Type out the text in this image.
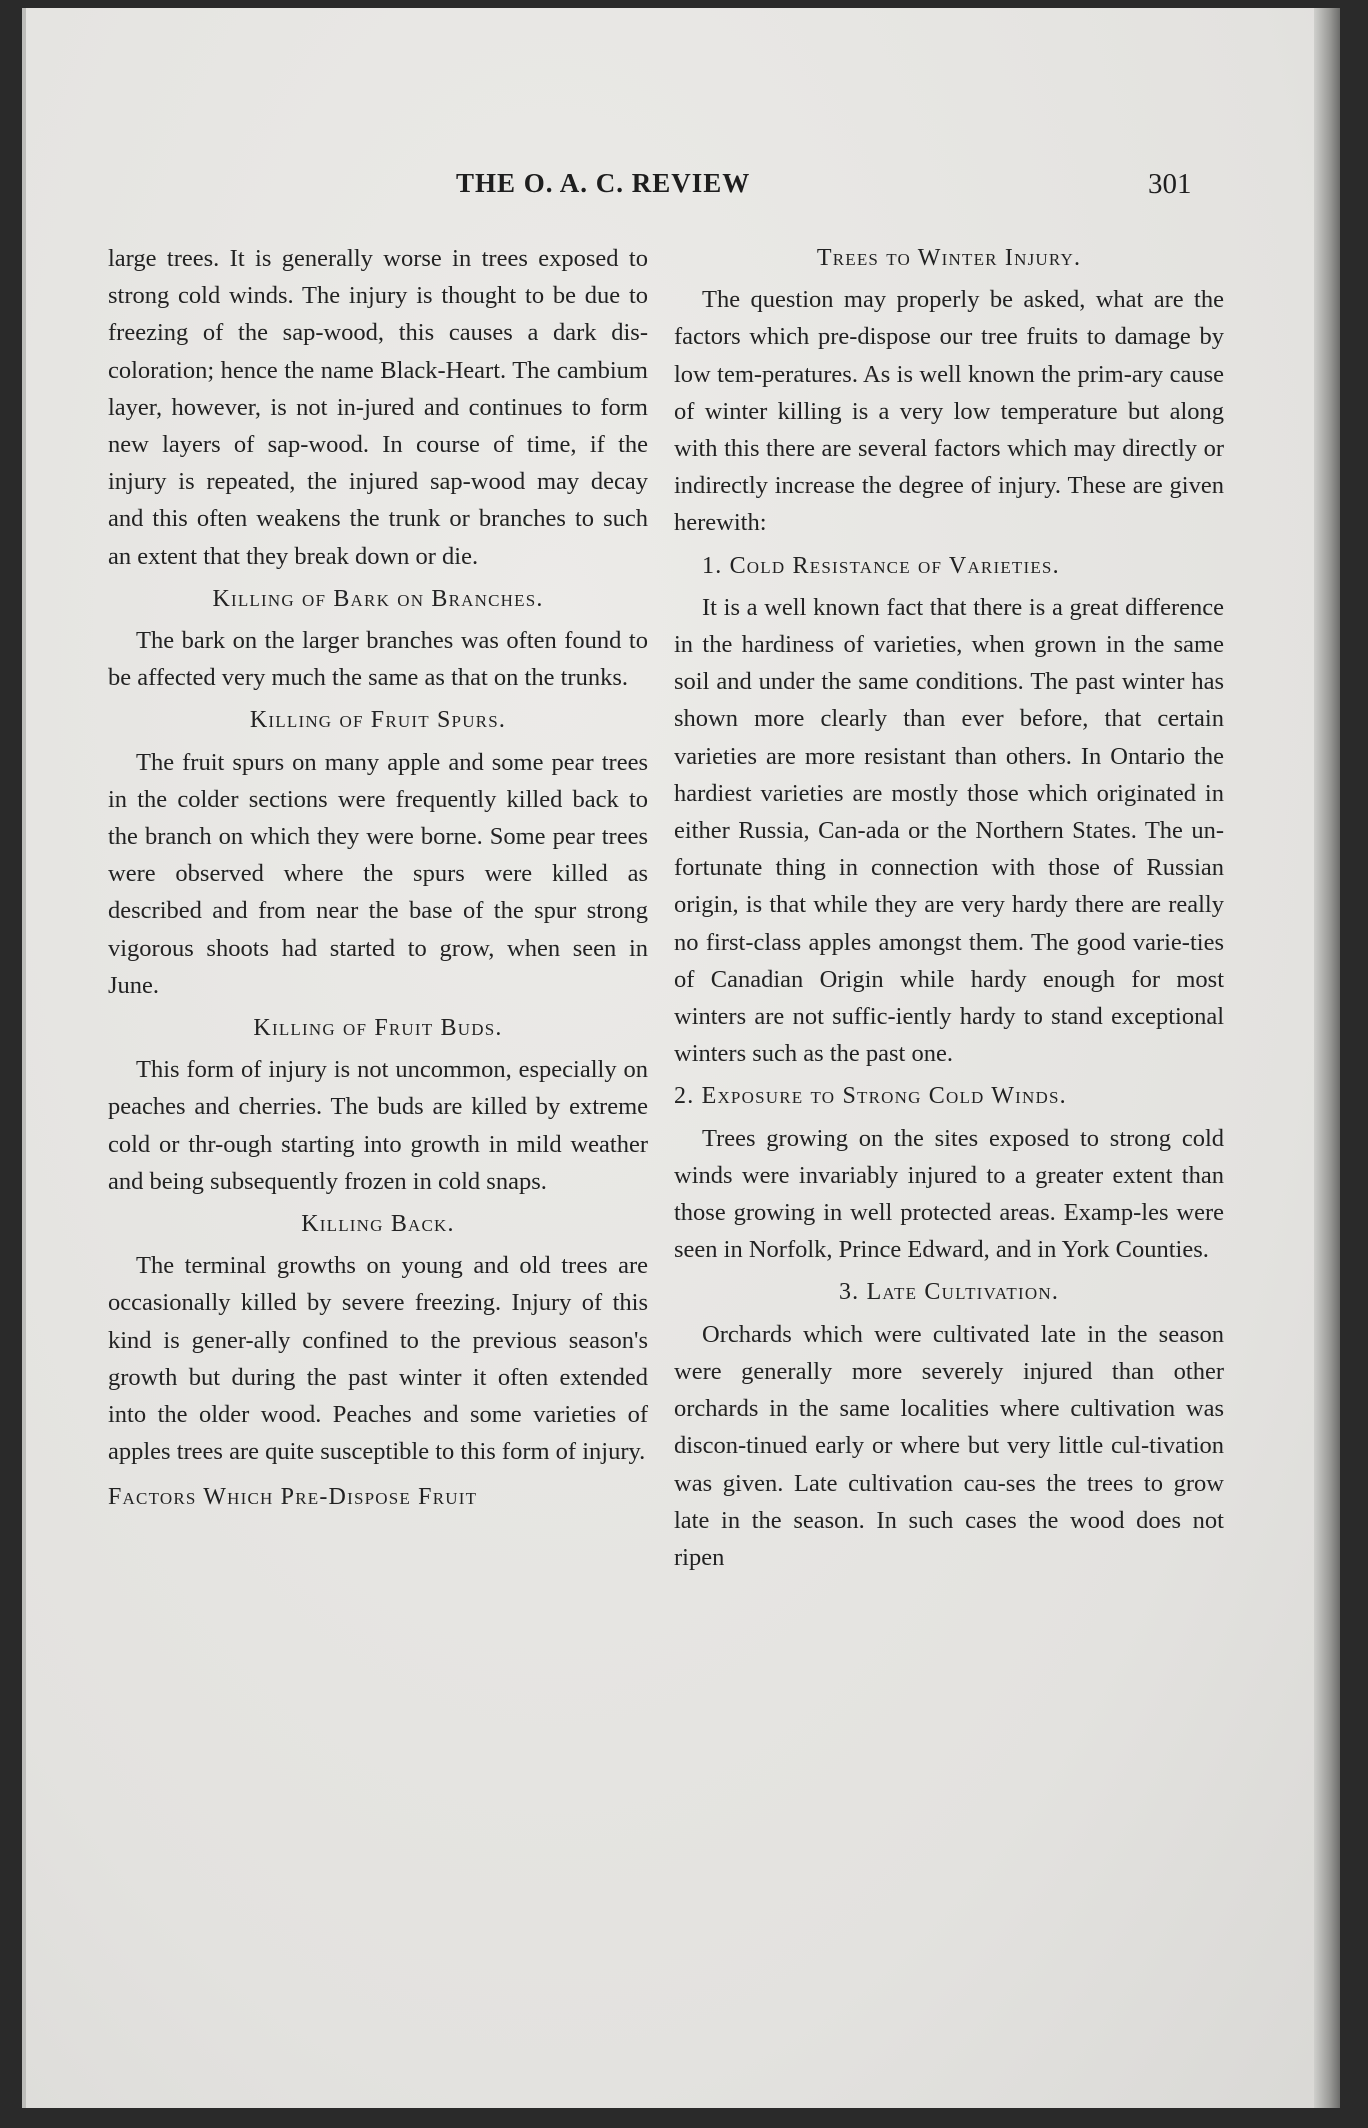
THE O. A. C. REVIEW	301

large trees. It is generally worse in trees exposed to strong cold winds. The injury is thought to be due to freezing of the sap-wood, this causes a dark dis-coloration; hence the name Black-Heart. The cambium layer, however, is not in-jured and continues to form new layers of sap-wood. In course of time, if the injury is repeated, the injured sap-wood may decay and this often weakens the trunk or branches to such an extent that they break down or die.

Killing of Bark on Branches.

The bark on the larger branches was often found to be affected very much the same as that on the trunks.

Killing of Fruit Spurs.

The fruit spurs on many apple and some pear trees in the colder sections were frequently killed back to the branch on which they were borne. Some pear trees were observed where the spurs were killed as described and from near the base of the spur strong vigorous shoots had started to grow, when seen in June.

Killing of Fruit Buds.

This form of injury is not uncommon, especially on peaches and cherries. The buds are killed by extreme cold or thr-ough starting into growth in mild weather and being subsequently frozen in cold snaps.

Killing Back.

The terminal growths on young and old trees are occasionally killed by severe freezing. Injury of this kind is gener-ally confined to the previous season's growth but during the past winter it often extended into the older wood. Peaches and some varieties of apples trees are quite susceptible to this form of injury.

Factors Which Pre-Dispose Fruit
Trees to Winter Injury.

The question may properly be asked, what are the factors which pre-dispose our tree fruits to damage by low tem-peratures. As is well known the prim-ary cause of winter killing is a very low temperature but along with this there are several factors which may directly or indirectly increase the degree of injury. These are given herewith:

1. Cold Resistance of Varieties.

It is a well known fact that there is a great difference in the hardiness of varieties, when grown in the same soil and under the same conditions. The past winter has shown more clearly than ever before, that certain varieties are more resistant than others. In Ontario the hardiest varieties are mostly those which originated in either Russia, Can-ada or the Northern States. The un-fortunate thing in connection with those of Russian origin, is that while they are very hardy there are really no first-class apples amongst them. The good varie-ties of Canadian Origin while hardy enough for most winters are not suffic-iently hardy to stand exceptional winters such as the past one.

2. Exposure to Strong Cold Winds.

Trees growing on the sites exposed to strong cold winds were invariably injured to a greater extent than those growing in well protected areas. Examp-les were seen in Norfolk, Prince Edward, and in York Counties.

3. Late Cultivation.

Orchards which were cultivated late in the season were generally more severely injured than other orchards in the same localities where cultivation was discon-tinued early or where but very little cul-tivation was given. Late cultivation cau-ses the trees to grow late in the season. In such cases the wood does not ripen
